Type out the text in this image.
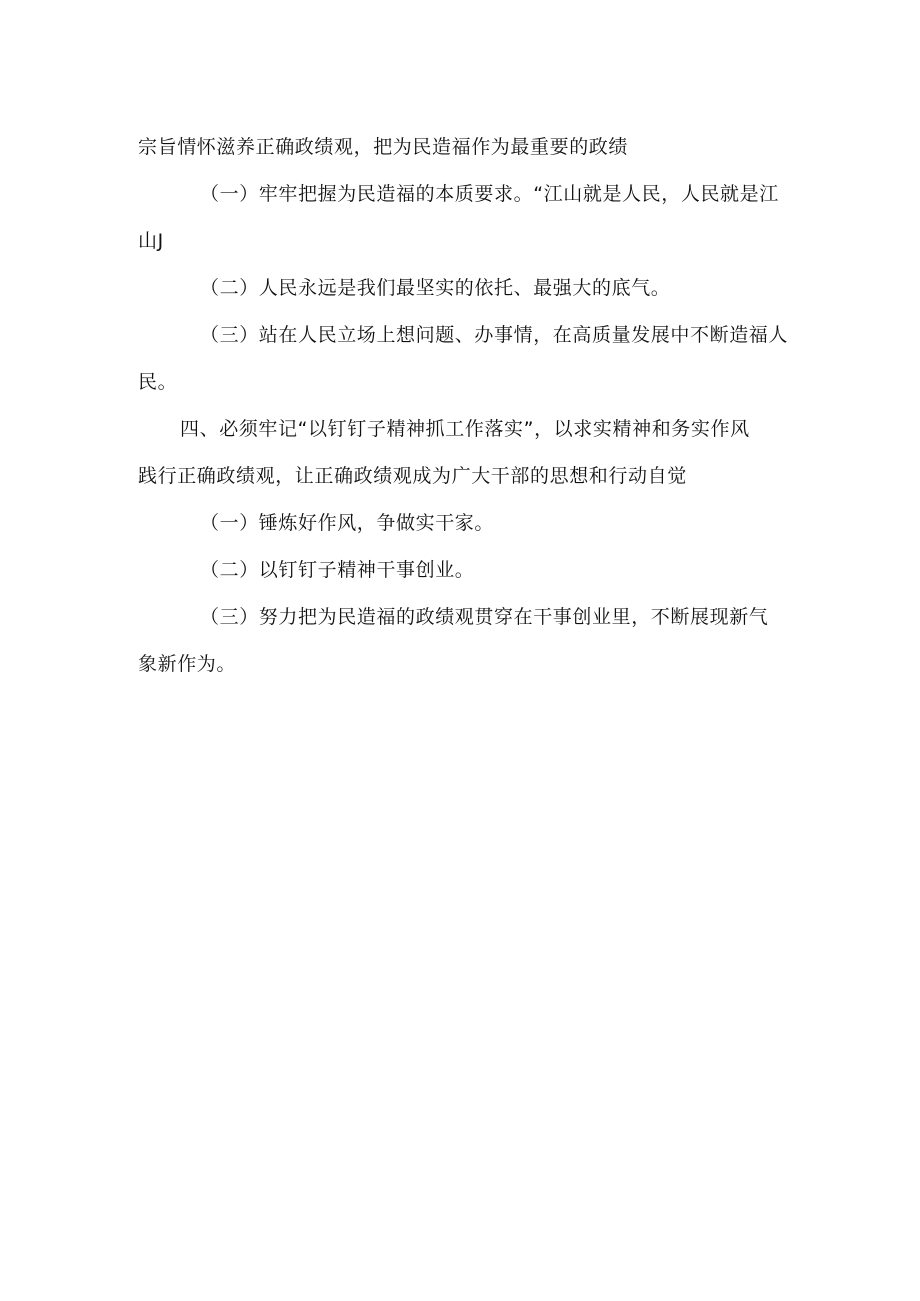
宗旨情怀滋养正确政绩观，把为民造福作为最重要的政绩

（一）牢牢把握为民造福的本质要求。“江山就是人民，人民就是江
山J

（二）人民永远是我们最坚实的依托、最强大的底气。

（三）站在人民立场上想问题、办事情，在高质量发展中不断造福人
民。

四、必须牢记“以钉钉子精神抓工作落实”，以求实精神和务实作风
践行正确政绩观，让正确政绩观成为广大干部的思想和行动自觉

（一）锤炼好作风，争做实干家。

（二）以钉钉子精神干事创业。

（三）努力把为民造福的政绩观贯穿在干事创业里，不断展现新气
象新作为。
